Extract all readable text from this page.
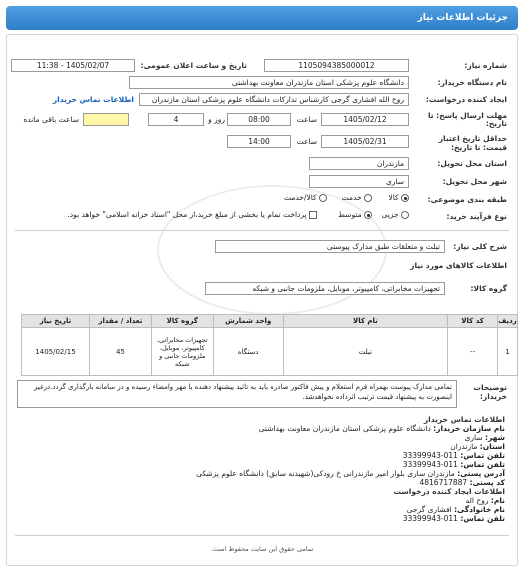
جزئیات اطلاعات نیاز
شماره نیاز:
1105094385000012
تاریخ و ساعت اعلان عمومی:
1405/02/07 - 11:38
نام دستگاه خریدار:
دانشگاه علوم پزشکی استان مازندران معاونت بهداشتی
ایجاد کننده درخواست:
روح الله افشاری گرجی کارشناس تدارکات دانشگاه علوم پزشکی استان مازندران
اطلاعات تماس خریدار
مهلت ارسال پاسخ: تا
تاریخ:
1405/02/12
ساعت
08:00
4	روز و
ساعت باقی مانده
حداقل تاریخ اعتبار قیمت: تا تاریخ:
1405/02/31
ساعت
14:00
استان محل تحویل:
مازندران
شهر محل تحویل:
ساری
طبقه بندی موضوعی:
کالا
خدمت
کالا/خدمت
نوع فرآیند خرید:
جزیی
متوسط
پرداخت تمام یا بخشی از مبلغ خرید،از محل "اسناد خزانه اسلامی" خواهد بود.
شرح کلی نیاز:
تبلت و متعلقات طبق مدارک پیوستی
اطلاعات کالاهای مورد نیاز
گروه کالا:
تجهیزات مخابراتی، کامپیوتر، موبایل، ملزومات جانبی و شبکه
ردیف	کد کالا	نام کالا	واحد شمارش	گروه کالا	تعداد / مقدار	تاریخ نیاز
1	--	تبلت	دستگاه	تجهیزات مخابراتی، کامپیوتر، موبایل، ملزومات جانبی و شبکه	45	1405/02/15
توضیحات خریدار:
تمامی مدارک پیوست بهمراه فرم استعلام و پیش فاکتور صادره باید به تائید پیشنهاد دهنده با مهر وامضاء رسیده و در سامانه بارگذاری گردد.درغیر اینصورت به پیشنهاد قیمت ترتیب اثرداده نخواهدشد.
اطلاعات تماس خریدار
نام سازمان خریدار: دانشگاه علوم پزشکی استان مازندران معاونت بهداشتی
شهر: ساری
استان: مازندران
تلفن تماس: 011-33399943
تلفن تماس: 011-33399943
آدرس پستی: مازندران ساری بلوار امیر مازندرانی خ رودکی(شهیدنه سابق) دانشگاه علوم پزشکی
کد پستی: 4816717887
اطلاعات ایجاد کننده درخواست
نام: روح اله
نام خانوادگی: افشاری گرجی
تلفن تماس: 011-33399943
تمامی حقوق این سایت محفوظ است.
